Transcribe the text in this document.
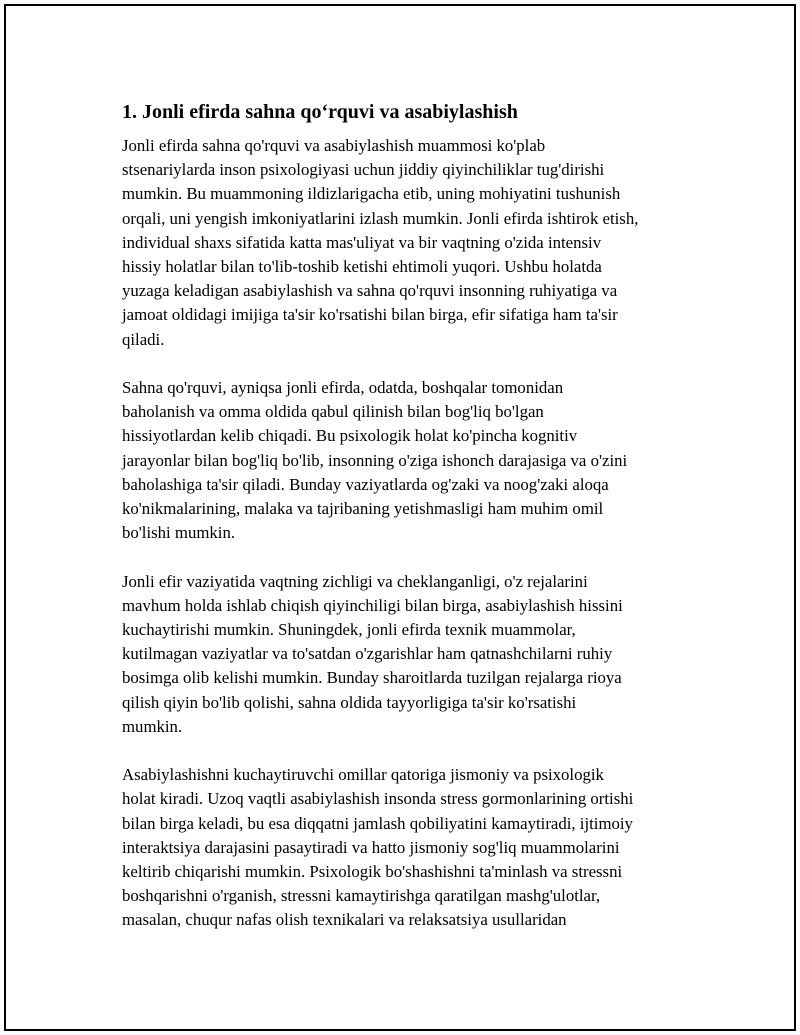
1. Jonli efirda sahna qo‘rquvi va asabiylashish

Jonli efirda sahna qo'rquvi va asabiylashish muammosi ko'plab
stsenariylarda inson psixologiyasi uchun jiddiy qiyinchiliklar tug'dirishi
mumkin. Bu muammoning ildizlarigacha etib, uning mohiyatini tushunish
orqali, uni yengish imkoniyatlarini izlash mumkin. Jonli efirda ishtirok etish,
individual shaxs sifatida katta mas'uliyat va bir vaqtning o'zida intensiv
hissiy holatlar bilan to'lib-toshib ketishi ehtimoli yuqori. Ushbu holatda
yuzaga keladigan asabiylashish va sahna qo'rquvi insonning ruhiyatiga va
jamoat oldidagi imijiga ta'sir ko'rsatishi bilan birga, efir sifatiga ham ta'sir
qiladi.

Sahna qo'rquvi, ayniqsa jonli efirda, odatda, boshqalar tomonidan
baholanish va omma oldida qabul qilinish bilan bog'liq bo'lgan
hissiyotlardan kelib chiqadi. Bu psixologik holat ko'pincha kognitiv
jarayonlar bilan bog'liq bo'lib, insonning o'ziga ishonch darajasiga va o'zini
baholashiga ta'sir qiladi. Bunday vaziyatlarda og'zaki va noog'zaki aloqa
ko'nikmalarining, malaka va tajribaning yetishmasligi ham muhim omil
bo'lishi mumkin.

Jonli efir vaziyatida vaqtning zichligi va cheklanganligi, o'z rejalarini
mavhum holda ishlab chiqish qiyinchiligi bilan birga, asabiylashish hissini
kuchaytirishi mumkin. Shuningdek, jonli efirda texnik muammolar,
kutilmagan vaziyatlar va to'satdan o'zgarishlar ham qatnashchilarni ruhiy
bosimga olib kelishi mumkin. Bunday sharoitlarda tuzilgan rejalarga rioya
qilish qiyin bo'lib qolishi, sahna oldida tayyorligiga ta'sir ko'rsatishi
mumkin.

Asabiylashishni kuchaytiruvchi omillar qatoriga jismoniy va psixologik
holat kiradi. Uzoq vaqtli asabiylashish insonda stress gormonlarining ortishi
bilan birga keladi, bu esa diqqatni jamlash qobiliyatini kamaytiradi, ijtimoiy
interaktsiya darajasini pasaytiradi va hatto jismoniy sog'liq muammolarini
keltirib chiqarishi mumkin. Psixologik bo'shashishni ta'minlash va stressni
boshqarishni o'rganish, stressni kamaytirishga qaratilgan mashg'ulotlar,
masalan, chuqur nafas olish texnikalari va relaksatsiya usullaridan
